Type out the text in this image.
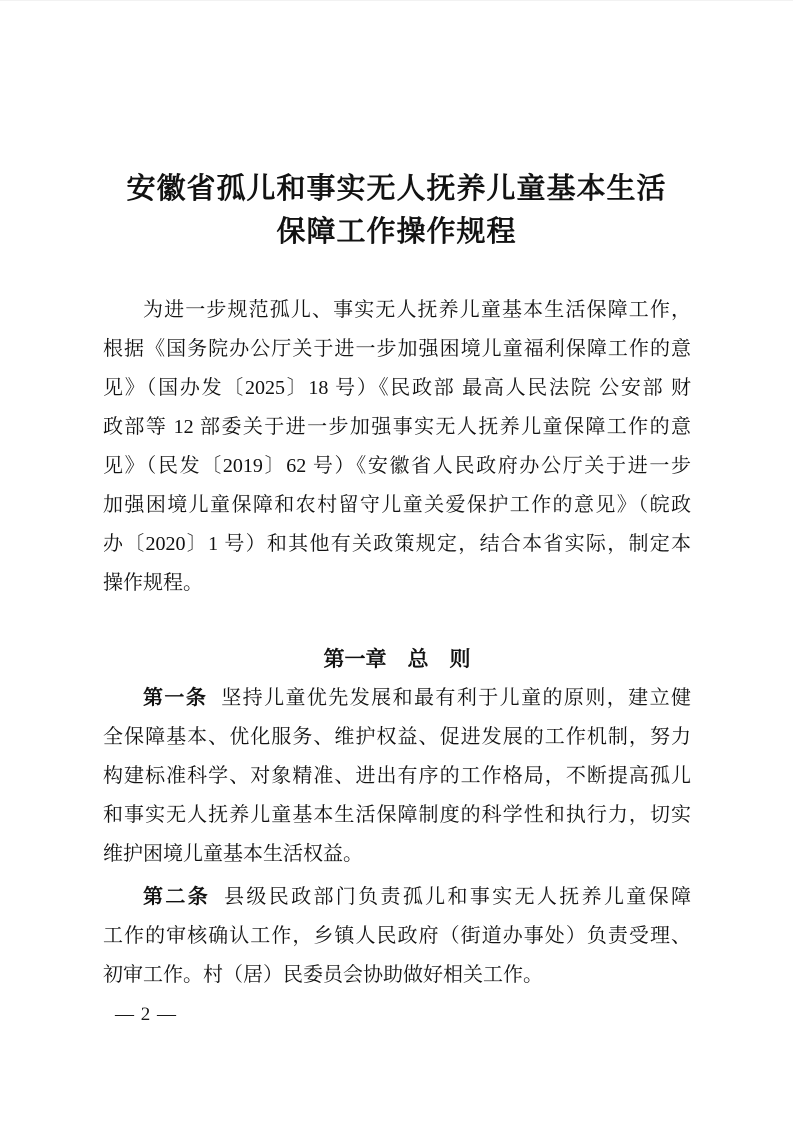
安徽省孤儿和事实无人抚养儿童基本生活
保障工作操作规程
为进一步规范孤儿、事实无人抚养儿童基本生活保障工作，
根据《国务院办公厅关于进一步加强困境儿童福利保障工作的意
见》（国办发〔2025〕18 号）《民政部 最高人民法院 公安部 财
政部等 12 部委关于进一步加强事实无人抚养儿童保障工作的意
见》（民发〔2019〕62 号）《安徽省人民政府办公厅关于进一步
加强困境儿童保障和农村留守儿童关爱保护工作的意见》（皖政
办〔2020〕1 号）和其他有关政策规定，结合本省实际，制定本
操作规程。
第一章　总　则
第一条 坚持儿童优先发展和最有利于儿童的原则，建立健
全保障基本、优化服务、维护权益、促进发展的工作机制，努力
构建标准科学、对象精准、进出有序的工作格局，不断提高孤儿
和事实无人抚养儿童基本生活保障制度的科学性和执行力，切实
维护困境儿童基本生活权益。
第二条 县级民政部门负责孤儿和事实无人抚养儿童保障
工作的审核确认工作，乡镇人民政府（街道办事处）负责受理、
初审工作。村（居）民委员会协助做好相关工作。
— 2 —
